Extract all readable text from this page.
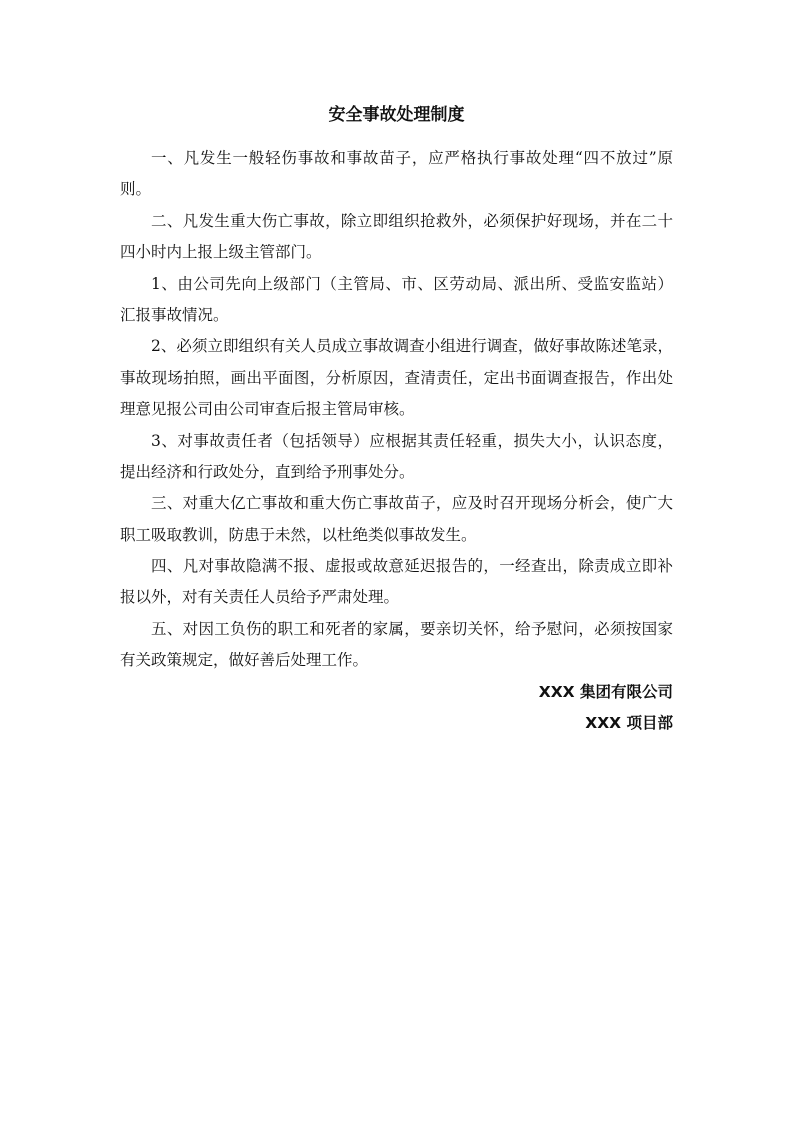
安全事故处理制度
一、凡发生一般轻伤事故和事故苗子，应严格执行事故处理“四不放过”原
则。
二、凡发生重大伤亡事故，除立即组织抢救外，必须保护好现场，并在二十
四小时内上报上级主管部门。
1、由公司先向上级部门（主管局、市、区劳动局、派出所、受监安监站）
汇报事故情况。
2、必须立即组织有关人员成立事故调查小组进行调查，做好事故陈述笔录，
事故现场拍照，画出平面图，分析原因，查清责任，定出书面调查报告，作出处
理意见报公司由公司审查后报主管局审核。
3、对事故责任者（包括领导）应根据其责任轻重，损失大小，认识态度，
提出经济和行政处分，直到给予刑事处分。
三、对重大亿亡事故和重大伤亡事故苗子，应及时召开现场分析会，使广大
职工吸取教训，防患于未然，以杜绝类似事故发生。
四、凡对事故隐满不报、虚报或故意延迟报告的，一经查出，除责成立即补
报以外，对有关责任人员给予严肃处理。
五、对因工负伤的职工和死者的家属，要亲切关怀，给予慰问，必须按国家
有关政策规定，做好善后处理工作。
XXX 集团有限公司
XXX 项目部
